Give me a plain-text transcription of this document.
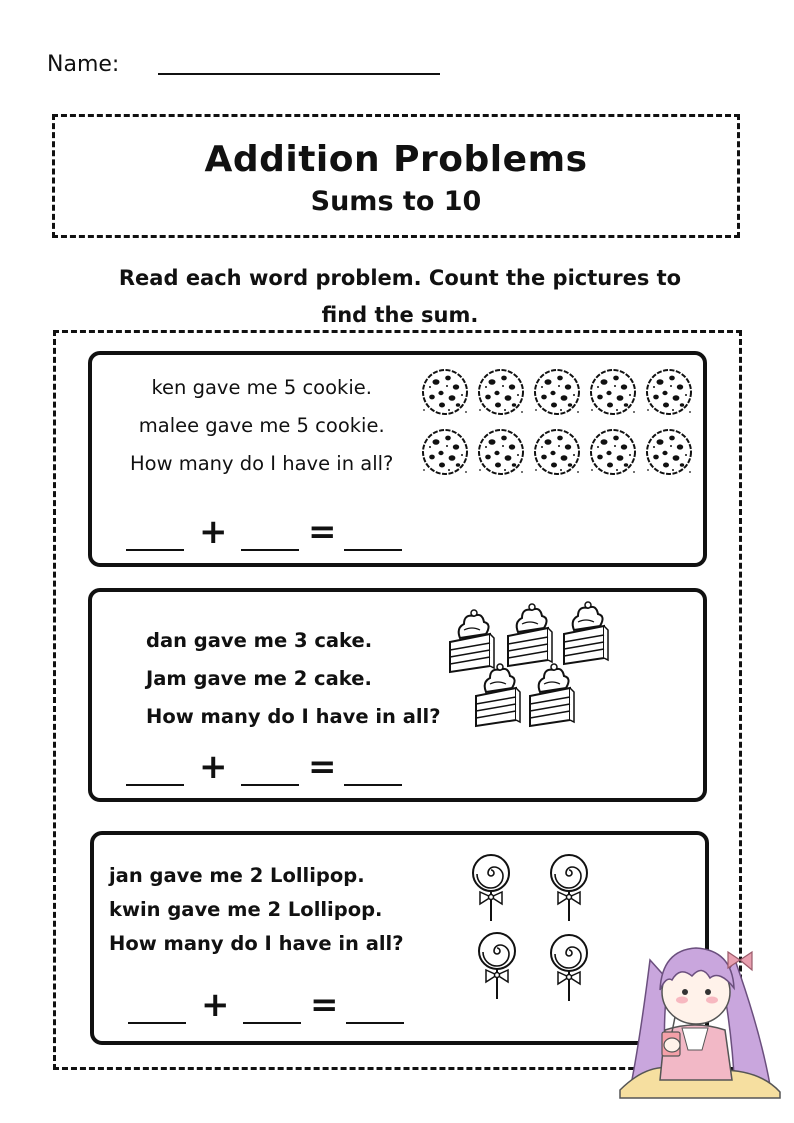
Name:
Addition Problems
Sums to 10
Read each word problem. Count the pictures to find the sum.
ken gave me 5 cookie.
malee gave me 5 cookie.
How many do I have in all?
+ =
dan gave me 3 cake.
Jam gave me 2 cake.
How many do I have in all?
+ =
jan gave me 2 Lollipop.
kwin gave me 2 Lollipop.
How many do I have in all?
+ =
